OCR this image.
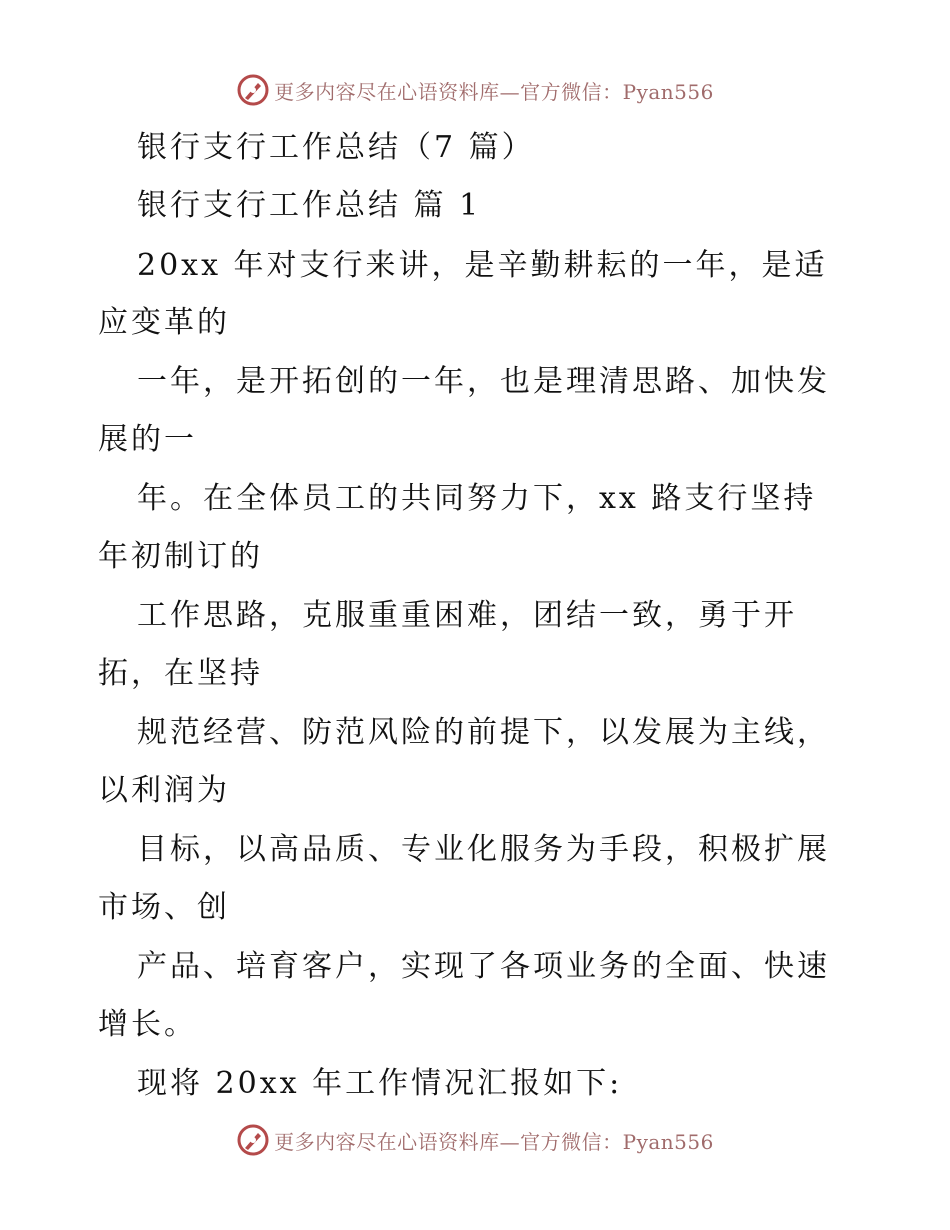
更多内容尽在心语资料库—官方微信：Pyan556
银行支行工作总结（7 篇）
银行支行工作总结 篇 1
20xx 年对支行来讲，是辛勤耕耘的一年，是适
应变革的
一年，是开拓创的一年，也是理清思路、加快发
展的一
年。在全体员工的共同努力下，xx 路支行坚持
年初制订的
工作思路，克服重重困难，团结一致，勇于开
拓，在坚持
规范经营、防范风险的前提下，以发展为主线，
以利润为
目标，以高品质、专业化服务为手段，积极扩展
市场、创
产品、培育客户，实现了各项业务的全面、快速
增长。
现将 20xx 年工作情况汇报如下:
更多内容尽在心语资料库—官方微信：Pyan556
